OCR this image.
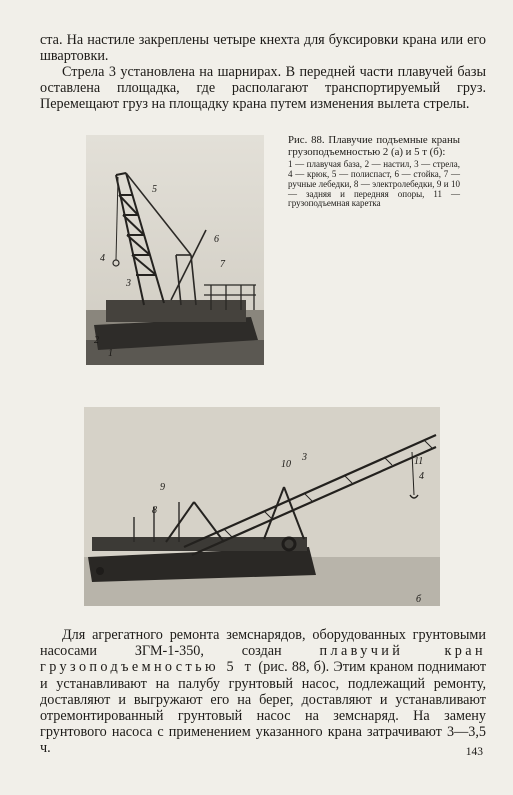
ста. На настиле закреплены четыре кнехта для буксировки крана или его швартовки.

Стрела 3 установлена на шарнирах. В передней части плавучей базы оставлена площадка, где располагают транспортируемый груз. Перемещают груз на площадку крана путем изменения вылета стрелы.

5
6
4
3
7
2
1

Рис. 88. Плавучие подъемные краны грузоподъемностью 2 (а) и 5 т (б):

1 — плавучая база, 2 — настил, 3 — стрела, 4 — крюк, 5 — полиспаст, 6 — стойка, 7 — ручные лебедки, 8 — электролебедки, 9 и 10 — задняя и передняя опоры, 11 — грузоподъемная каретка

10
3	11
4
9
8
б

Для агрегатного ремонта земснарядов, оборудованных грунтовыми насосами ЗГМ-1-350, создан	плавучий кран грузоподъемностью 5 т (рис. 88, б). Этим краном поднимают и устанавливают на палубу грунтовый насос, подлежащий ремонту, доставляют и выгружают его на берег, доставляют и устанавливают отремонтированный грунтовый насос на земснаряд. На замену грунтового насоса с применением указанного крана затрачивают 3—3,5 ч.	143
